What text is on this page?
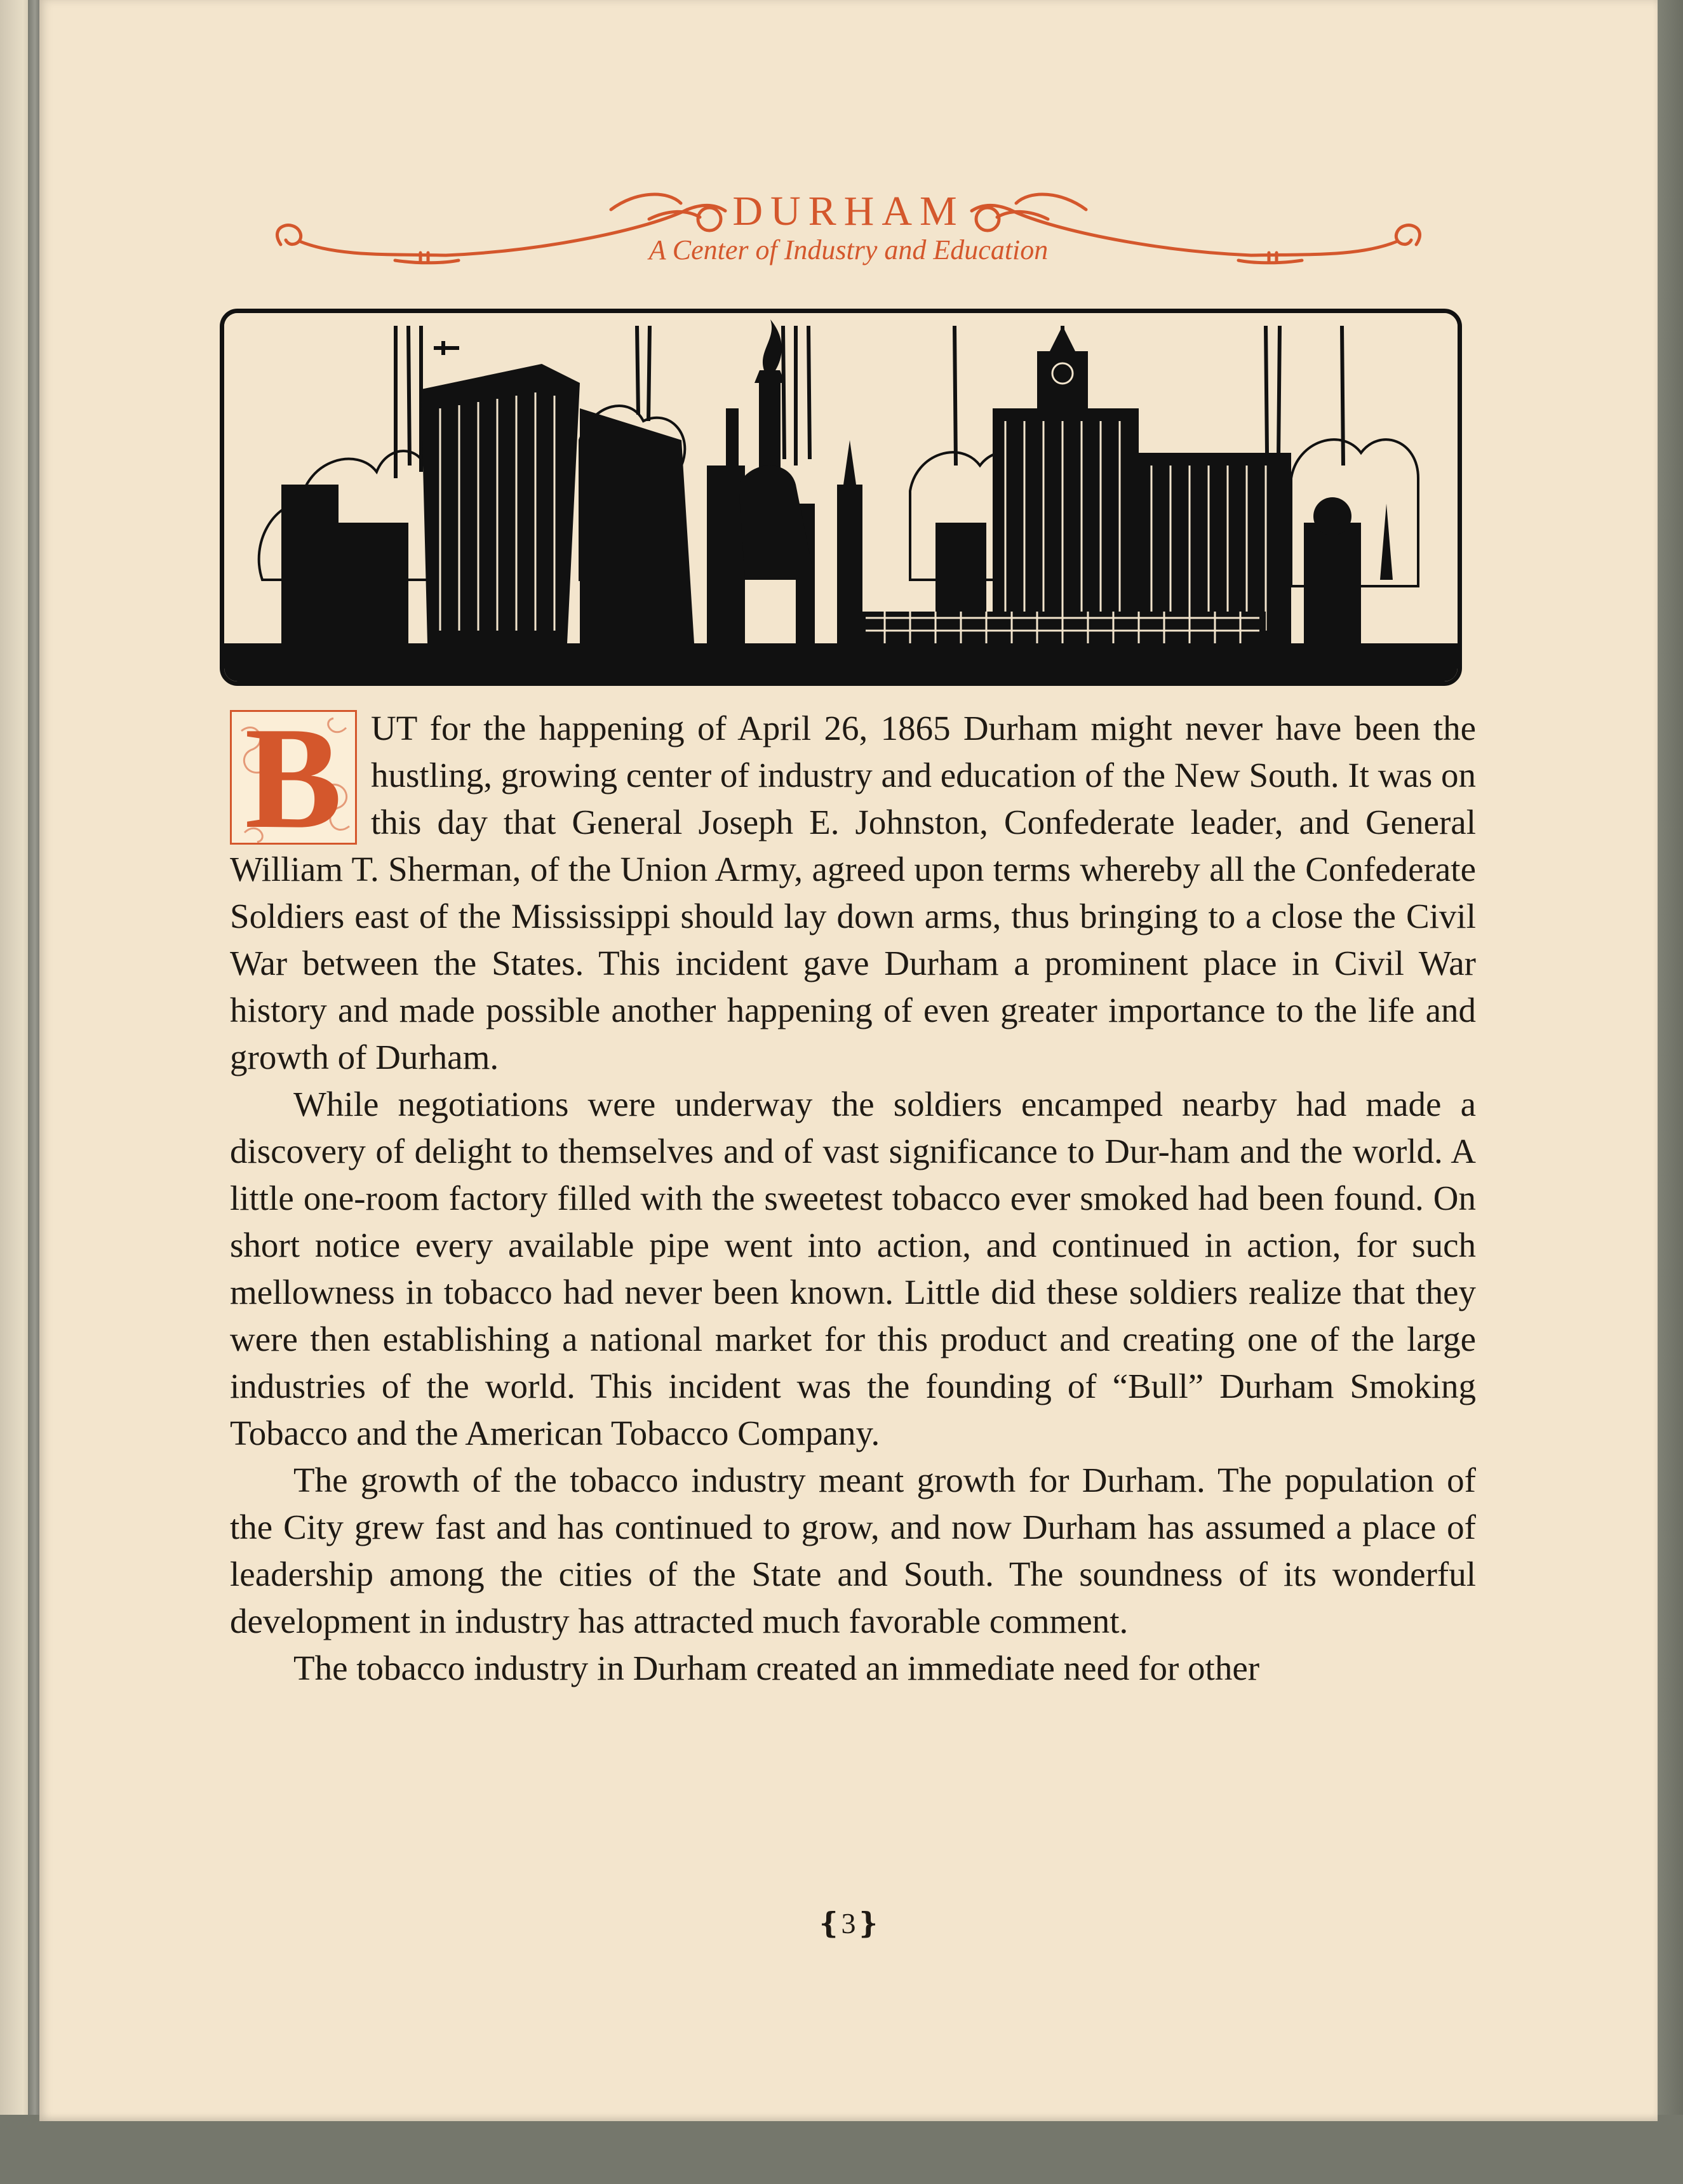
DURHAM
A Center of Industry and Education

B UT for the happening of April 26, 1865 Durham might never have been the hustling, growing center of industry and education of the New South. It was on this day that General Joseph E. Johnston, Confederate leader, and General William T. Sherman, of the Union Army, agreed upon terms whereby all the Confederate Soldiers east of the Mississippi should lay down arms, thus bringing to a close the Civil War between the States. This incident gave Durham a prominent place in Civil War history and made possible another happening of even greater importance to the life and growth of Durham.

While negotiations were underway the soldiers encamped nearby had made a discovery of delight to themselves and of vast significance to Dur-ham and the world. A little one-room factory filled with the sweetest tobacco ever smoked had been found. On short notice every available pipe went into action, and continued in action, for such mellowness in tobacco had never been known. Little did these soldiers realize that they were then establishing a national market for this product and creating one of the large industries of the world. This incident was the founding of “Bull” Durham Smoking Tobacco and the American Tobacco Company.

The growth of the tobacco industry meant growth for Durham. The population of the City grew fast and has continued to grow, and now Durham has assumed a place of leadership among the cities of the State and South. The soundness of its wonderful development in industry has attracted much favorable comment.

The tobacco industry in Durham created an immediate need for other

❴3❵
